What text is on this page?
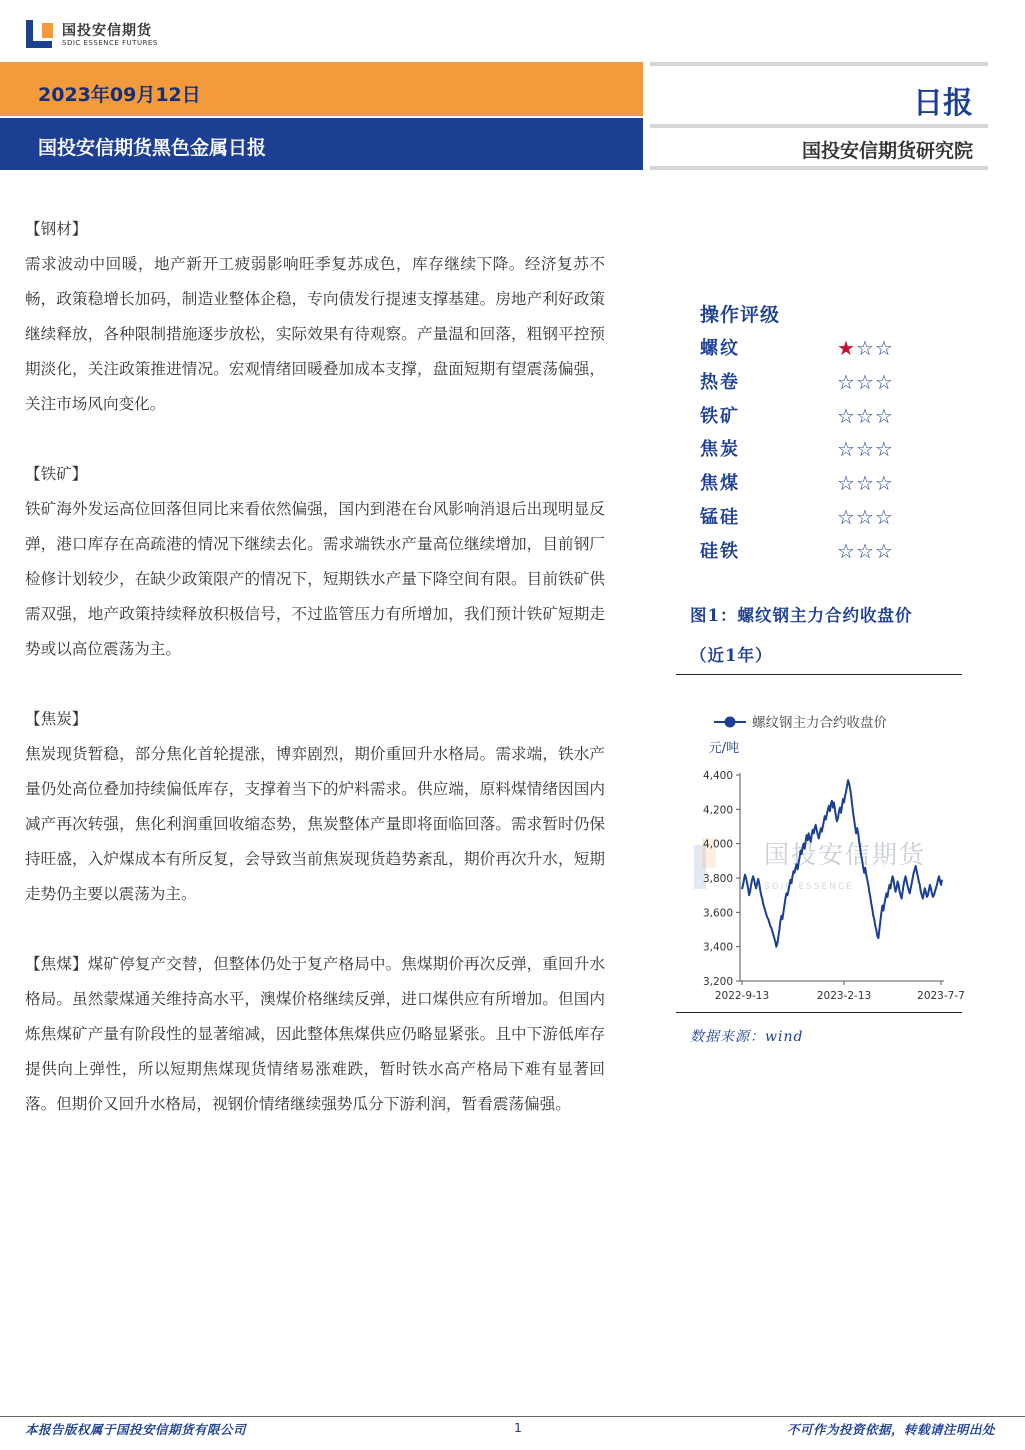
国投安信期货
SDIC ESSENCE FUTURES
2023年09月12日
国投安信期货黑色金属日报
日报
国投安信期货研究院

【钢材】
需求波动中回暖，地产新开工疲弱影响旺季复苏成色，库存继续下降。经济复苏不畅，政策稳增长加码，制造业整体企稳，专向债发行提速支撑基建。房地产利好政策继续释放，各种限制措施逐步放松，实际效果有待观察。产量温和回落，粗钢平控预期淡化，关注政策推进情况。宏观情绪回暖叠加成本支撑，盘面短期有望震荡偏强，关注市场风向变化。

【铁矿】
铁矿海外发运高位回落但同比来看依然偏强，国内到港在台风影响消退后出现明显反弹，港口库存在高疏港的情况下继续去化。需求端铁水产量高位继续增加，目前钢厂检修计划较少，在缺少政策限产的情况下，短期铁水产量下降空间有限。目前铁矿供需双强，地产政策持续释放积极信号，不过监管压力有所增加，我们预计铁矿短期走势或以高位震荡为主。

【焦炭】
焦炭现货暂稳，部分焦化首轮提涨，博弈剧烈，期价重回升水格局。需求端，铁水产量仍处高位叠加持续偏低库存，支撑着当下的炉料需求。供应端，原料煤情绪因国内减产再次转强，焦化利润重回收缩态势，焦炭整体产量即将面临回落。需求暂时仍保持旺盛，入炉煤成本有所反复，会导致当前焦炭现货趋势紊乱，期价再次升水，短期走势仍主要以震荡为主。

【焦煤】煤矿停复产交替，但整体仍处于复产格局中。焦煤期价再次反弹，重回升水格局。虽然蒙煤通关维持高水平，澳煤价格继续反弹，进口煤供应有所增加。但国内炼焦煤矿产量有阶段性的显著缩减，因此整体焦煤供应仍略显紧张。且中下游低库存提供向上弹性，所以短期焦煤现货情绪易涨难跌，暂时铁水高产格局下难有显著回落。但期价又回升水格局，视钢价情绪继续强势瓜分下游利润，暂看震荡偏强。

操作评级
螺纹	★☆☆
热卷	☆☆☆
铁矿	☆☆☆
焦炭	☆☆☆
焦煤	☆☆☆
锰硅	☆☆☆
硅铁	☆☆☆
图1：螺纹钢主力合约收盘价
（近1年）
国投安信期货
SDIC ESSENCE
螺纹钢主力合约收盘价
元/吨
4,400
4,200
4,000
3,800
3,600
3,400
3,200
2022-9-13	2023-2-13	2023-7-7
数据来源：wind
本报告版权属于国投安信期货有限公司	1	不可作为投资依据，转载请注明出处
